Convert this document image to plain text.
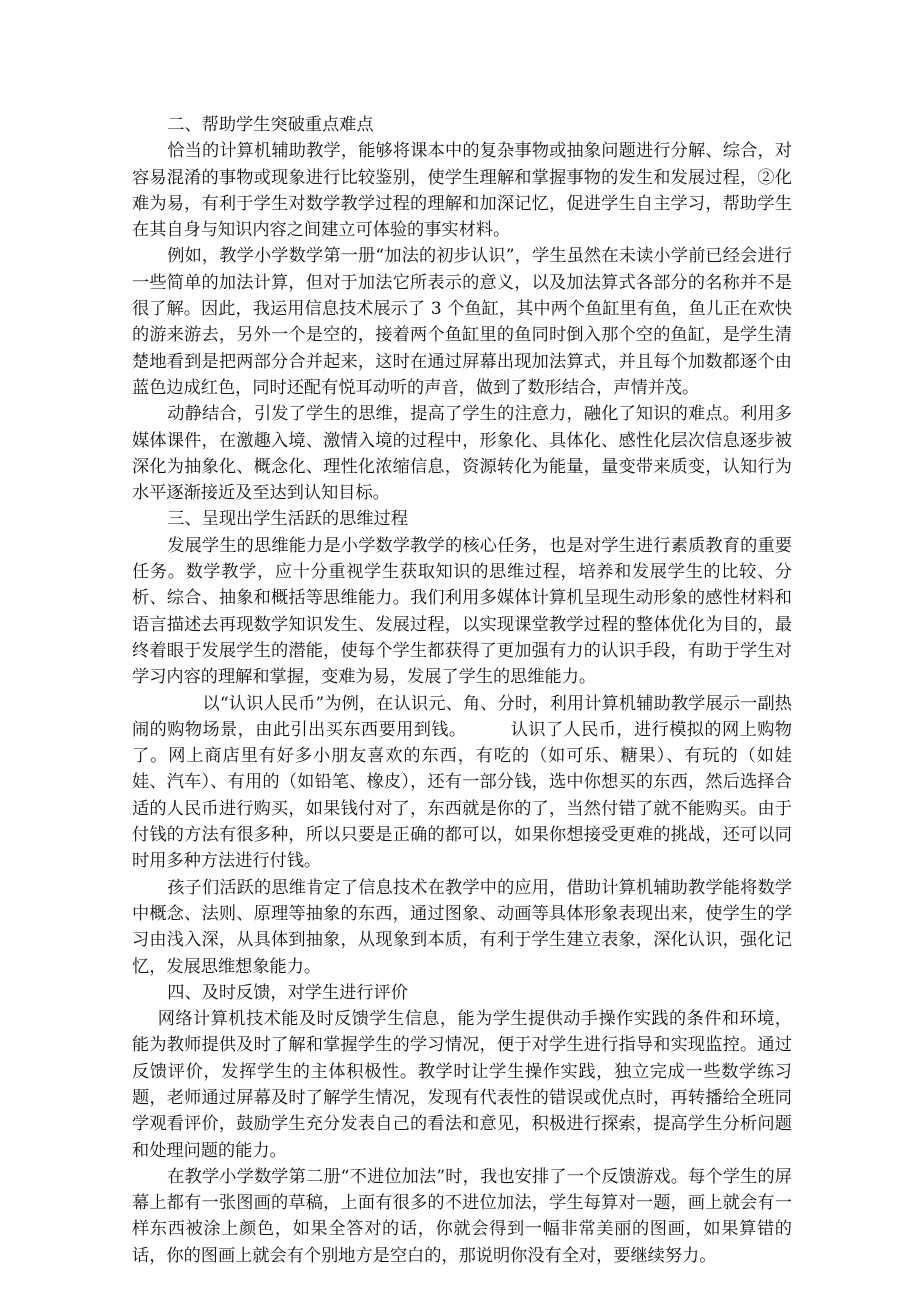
二、帮助学生突破重点难点

恰当的计算机辅助教学，能够将课本中的复杂事物或抽象问题进行分解、综合，对容易混淆的事物或现象进行比较鉴别，使学生理解和掌握事物的发生和发展过程，②化难为易，有利于学生对数学教学过程的理解和加深记忆，促进学生自主学习，帮助学生在其自身与知识内容之间建立可体验的事实材料。

例如，教学小学数学第一册“加法的初步认识”，学生虽然在未读小学前已经会进行一些简单的加法计算，但对于加法它所表示的意义，以及加法算式各部分的名称并不是很了解。因此，我运用信息技术展示了 3 个鱼缸，其中两个鱼缸里有鱼，鱼儿正在欢快的游来游去，另外一个是空的，接着两个鱼缸里的鱼同时倒入那个空的鱼缸，是学生清楚地看到是把两部分合并起来，这时在通过屏幕出现加法算式，并且每个加数都逐个由蓝色边成红色，同时还配有悦耳动听的声音，做到了数形结合，声情并茂。

动静结合，引发了学生的思维，提高了学生的注意力，融化了知识的难点。利用多媒体课件，在激趣入境、激情入境的过程中，形象化、具体化、感性化层次信息逐步被深化为抽象化、概念化、理性化浓缩信息，资源转化为能量，量变带来质变，认知行为水平逐渐接近及至达到认知目标。

三、呈现出学生活跃的思维过程

发展学生的思维能力是小学数学教学的核心任务，也是对学生进行素质教育的重要任务。数学教学，应十分重视学生获取知识的思维过程，培养和发展学生的比较、分析、综合、抽象和概括等思维能力。我们利用多媒体计算机呈现生动形象的感性材料和语言描述去再现数学知识发生、发展过程，以实现课堂教学过程的整体优化为目的，最终着眼于发展学生的潜能，使每个学生都获得了更加强有力的认识手段，有助于学生对学习内容的理解和掌握，变难为易，发展了学生的思维能力。

以“认识人民币”为例，在认识元、角、分时，利用计算机辅助教学展示一副热闹的购物场景，由此引出买东西要用到钱。　　　认识了人民币，进行模拟的网上购物了。网上商店里有好多小朋友喜欢的东西，有吃的（如可乐、糖果）、有玩的（如娃娃、汽车）、有用的（如铅笔、橡皮），还有一部分钱，选中你想买的东西，然后选择合适的人民币进行购买，如果钱付对了，东西就是你的了，当然付错了就不能购买。由于付钱的方法有很多种，所以只要是正确的都可以，如果你想接受更难的挑战，还可以同时用多种方法进行付钱。

孩子们活跃的思维肯定了信息技术在教学中的应用，借助计算机辅助教学能将数学中概念、法则、原理等抽象的东西，通过图象、动画等具体形象表现出来，使学生的学习由浅入深，从具体到抽象，从现象到本质，有利于学生建立表象，深化认识，强化记忆，发展思维想象能力。

四、及时反馈，对学生进行评价

网络计算机技术能及时反馈学生信息，能为学生提供动手操作实践的条件和环境，能为教师提供及时了解和掌握学生的学习情况，便于对学生进行指导和实现监控。通过反馈评价，发挥学生的主体积极性。教学时让学生操作实践，独立完成一些数学练习题，老师通过屏幕及时了解学生情况，发现有代表性的错误或优点时，再转播给全班同学观看评价，鼓励学生充分发表自己的看法和意见，积极进行探索，提高学生分析问题和处理问题的能力。

在教学小学数学第二册“不进位加法”时，我也安排了一个反馈游戏。每个学生的屏幕上都有一张图画的草稿，上面有很多的不进位加法，学生每算对一题，画上就会有一样东西被涂上颜色，如果全答对的话，你就会得到一幅非常美丽的图画，如果算错的话，你的图画上就会有个别地方是空白的，那说明你没有全对，要继续努力。
